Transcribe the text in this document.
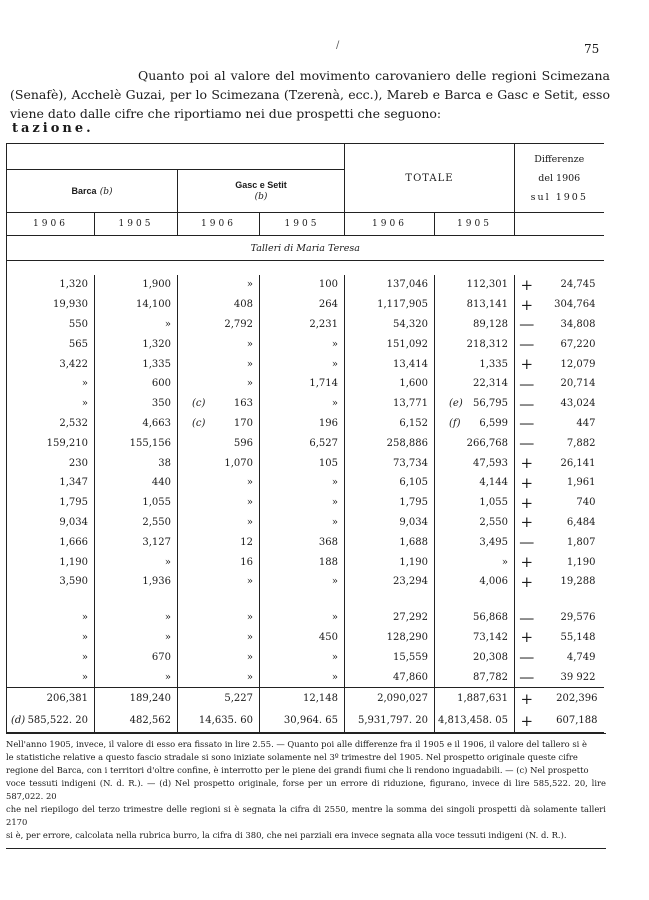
75
/

Quanto poi al valore del movimento carovaniero delle regioni Scimezana (Senafè), Acchelè Guzai, per lo Scimezana (Tzerenà, ecc.), Mareb e Barca e Gasc e Setit, esso viene dato dalle cifre che riportiamo nei due prospetti che seguono:

tazione.
				TOTALE		Differenze
del 1906
sul 1905	

Barca (b)		Gasc e Setit
(b)					
1906	1905	1906	1905	1906	1905		
Talleri di Maria Teresa							

1,320	1,900	»	100	137,046	112,301	+	24,745
19,930	14,100	408	264	1,117,905	813,141	+	304,764
550	»	2,792	2,231	54,320	89,128	—	34,808
565	1,320	»	»	151,092	218,312	—	67,220
3,422	1,335	»	»	13,414	1,335	+	12,079
»	600	»	1,714	1,600	22,314	—	20,714
»	350	(c) 163	»	13,771	(e) 56,795	—	43,024
2,532	4,663	(c) 170	196	6,152	(f) 6,599	—	447
159,210	155,156	596	6,527	258,886	266,768	—	7,882
230	38	1,070	105	73,734	47,593	+	26,141
1,347	440	»	»	6,105	4,144	+	1,961
1,795	1,055	»	»	1,795	1,055	+	740
9,034	2,550	»	»	9,034	2,550	+	6,484
1,666	3,127	12	368	1,688	3,495	—	1,807
1,190	»	16	188	1,190	»	+	1,190
3,590	1,936	»	»	23,294	4,006	+	19,288

»	»	»	»	27,292	56,868	—	29,576
»	»	»	450	128,290	73,142	+	55,148
»	670	»	»	15,559	20,308	—	4,749
»	»	»	»	47,860	87,782	—	39 922
206,381	189,240	5,227	12,148	2,090,027	1,887,631	+	202,396

(d) 585,522. 20	482,562	14,635. 60	30,964. 65	5,931,797. 20	4,813,458. 05	+	607,188

Nell'anno 1905, invece, il valore di esso era fissato in lire 2.55. — Quanto poi alle differenze fra il 1905 e il 1906, il valore del tallero si è

le statistiche relative a questo fascio stradale si sono iniziate solamente nel 3º trimestre del 1905. Nel prospetto originale queste cifre

regione del Barca, con i territori d'oltre confine, è interrotto per le piene dei grandi fiumi che li rendono inguadabili. — (c) Nel prospetto

voce tessuti indigeni (N. d. R.). — (d) Nel prospetto originale, forse per un errore di riduzione, figurano, invece di lire 585,522. 20, lire 587,022. 20

che nel riepilogo del terzo trimestre delle regioni si è segnata la cifra di 2550, mentre la somma dei singoli prospetti dà solamente talleri 2170

si è, per errore, calcolata nella rubrica burro, la cifra di 380, che nei parziali era invece segnata alla voce tessuti indigeni (N. d. R.).
